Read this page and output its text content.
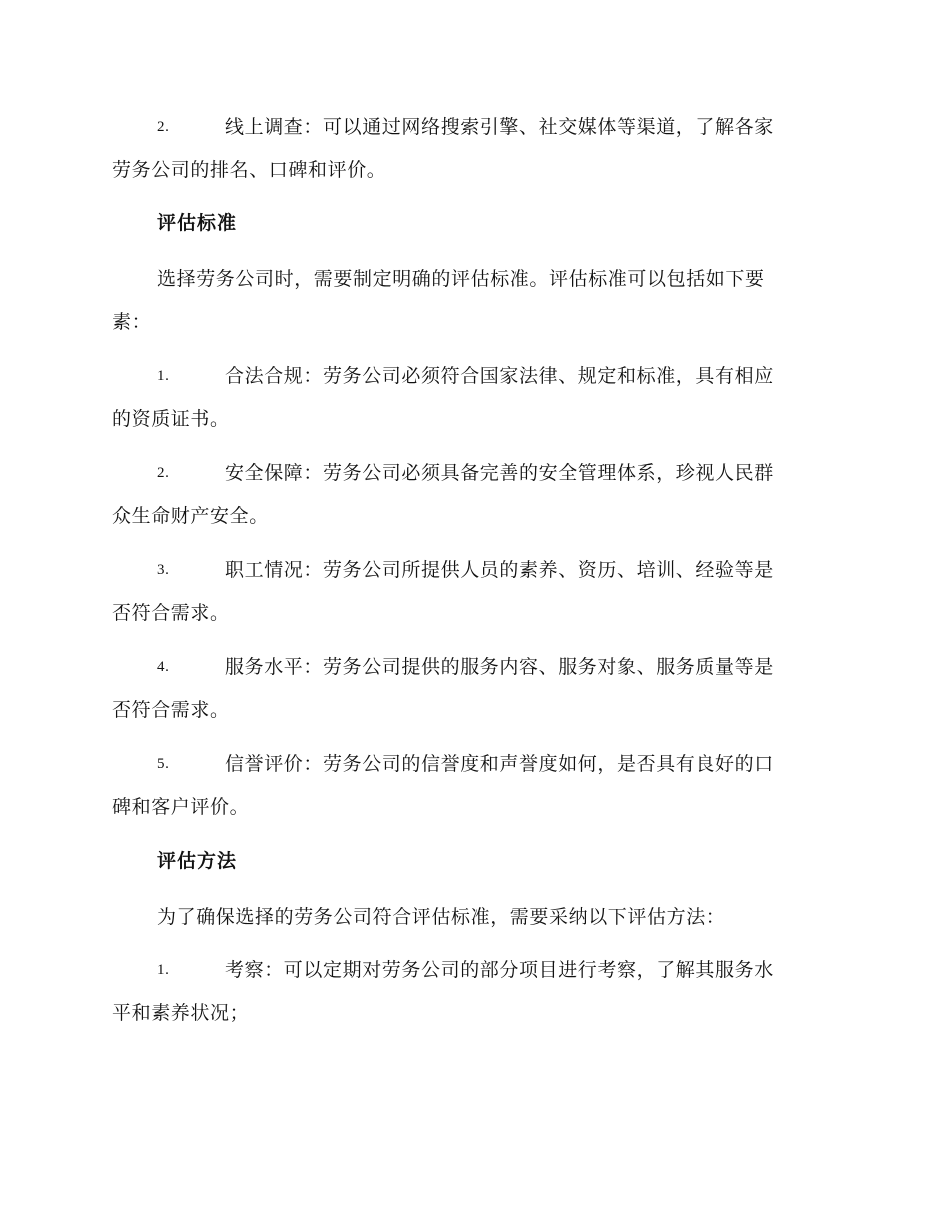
2.	线上调查：可以通过网络搜索引擎、社交媒体等渠道，了解各家
劳务公司的排名、口碑和评价。
评估标准
选择劳务公司时，需要制定明确的评估标准。评估标准可以包括如下要
素：
1.	合法合规：劳务公司必须符合国家法律、规定和标准，具有相应
的资质证书。
2.	安全保障：劳务公司必须具备完善的安全管理体系，珍视人民群
众生命财产安全。
3.	职工情况：劳务公司所提供人员的素养、资历、培训、经验等是
否符合需求。
4.	服务水平：劳务公司提供的服务内容、服务对象、服务质量等是
否符合需求。
5.	信誉评价：劳务公司的信誉度和声誉度如何，是否具有良好的口
碑和客户评价。
评估方法
为了确保选择的劳务公司符合评估标准，需要采纳以下评估方法：
1.	考察：可以定期对劳务公司的部分项目进行考察，了解其服务水
平和素养状况；
